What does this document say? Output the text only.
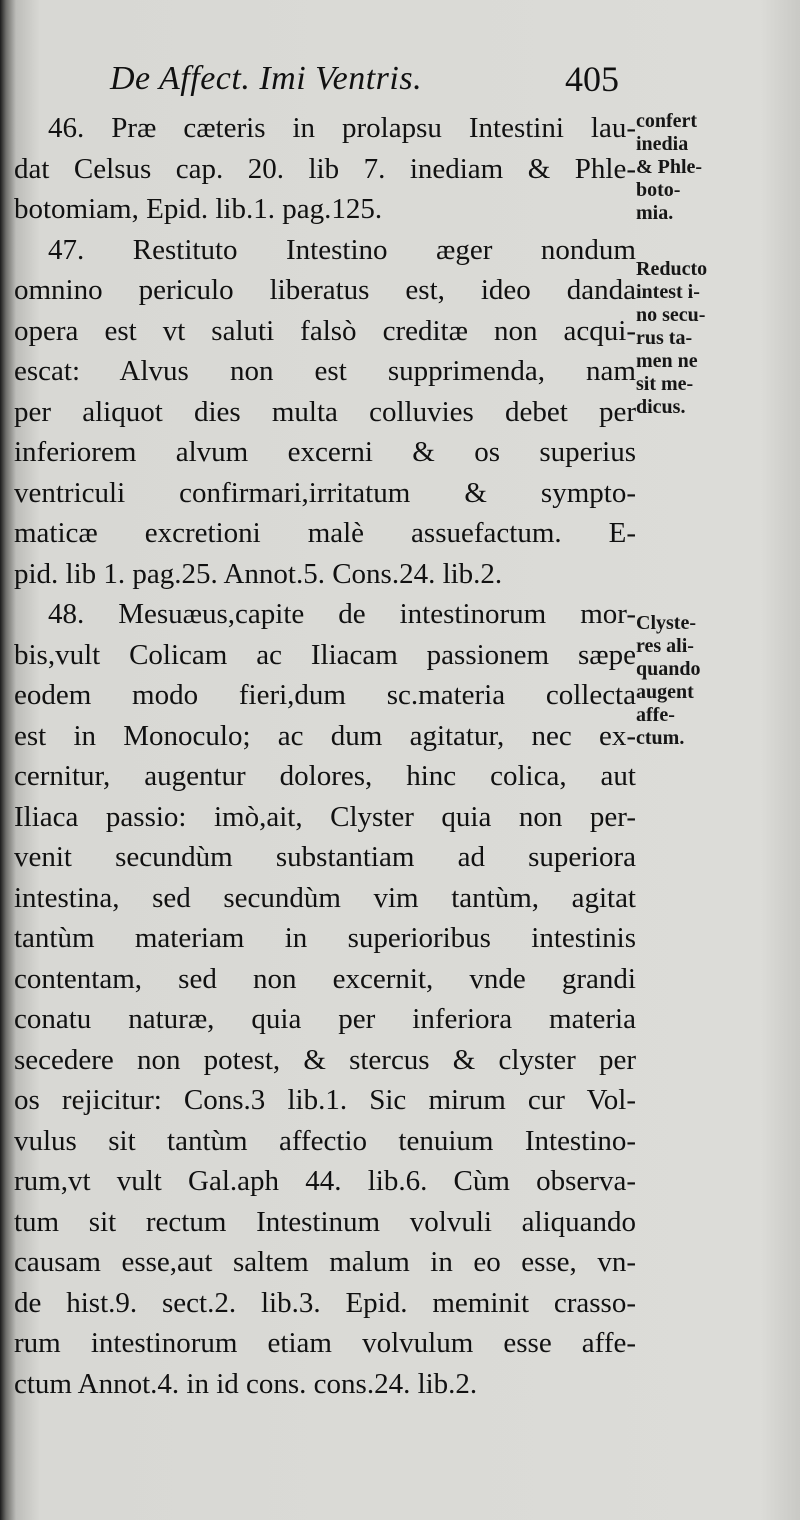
De Affect. Imi Ventris.	405
46. Præ cæteris in prolapsu Intestini lau-
dat Celsus cap. 20. lib 7. inediam & Phle-
botomiam, Epid. lib.1. pag.125.
47. Restituto Intestino æger nondum
omnino periculo liberatus est, ideo danda
opera est vt saluti falsò creditæ non acqui-
escat: Alvus non est supprimenda, nam
per aliquot dies multa colluvies debet per
inferiorem alvum excerni & os superius
ventriculi confirmari,irritatum & sympto-
maticæ excretioni malè assuefactum. E-
pid. lib 1. pag.25. Annot.5. Cons.24. lib.2.
48. Mesuæus,capite de intestinorum mor-
bis,vult Colicam ac Iliacam passionem sæpe
eodem modo fieri,dum sc.materia collecta
est in Monoculo; ac dum agitatur, nec ex-
cernitur, augentur dolores, hinc colica, aut
Iliaca passio: imò,ait, Clyster quia non per-
venit secundùm substantiam ad superiora
intestina, sed secundùm vim tantùm, agitat
tantùm materiam in superioribus intestinis
contentam, sed non excernit, vnde grandi
conatu naturæ, quia per inferiora materia
secedere non potest, & stercus & clyster per
os rejicitur: Cons.3 lib.1. Sic mirum cur Vol-
vulus sit tantùm affectio tenuium Intestino-
rum,vt vult Gal.aph 44. lib.6. Cùm observa-
tum sit rectum Intestinum volvuli aliquando
causam esse,aut saltem malum in eo esse, vn-
de hist.9. sect.2. lib.3. Epid. meminit crasso-
rum intestinorum etiam volvulum esse affe-
ctum Annot.4. in id cons. cons.24. lib.2.
confert
inedia
& Phle-
boto-
mia.
Reducto
intest i-
no secu-
rus ta-
men ne
sit me-
dicus.
Clyste-
res ali-
quando
augent
affe-
ctum.
